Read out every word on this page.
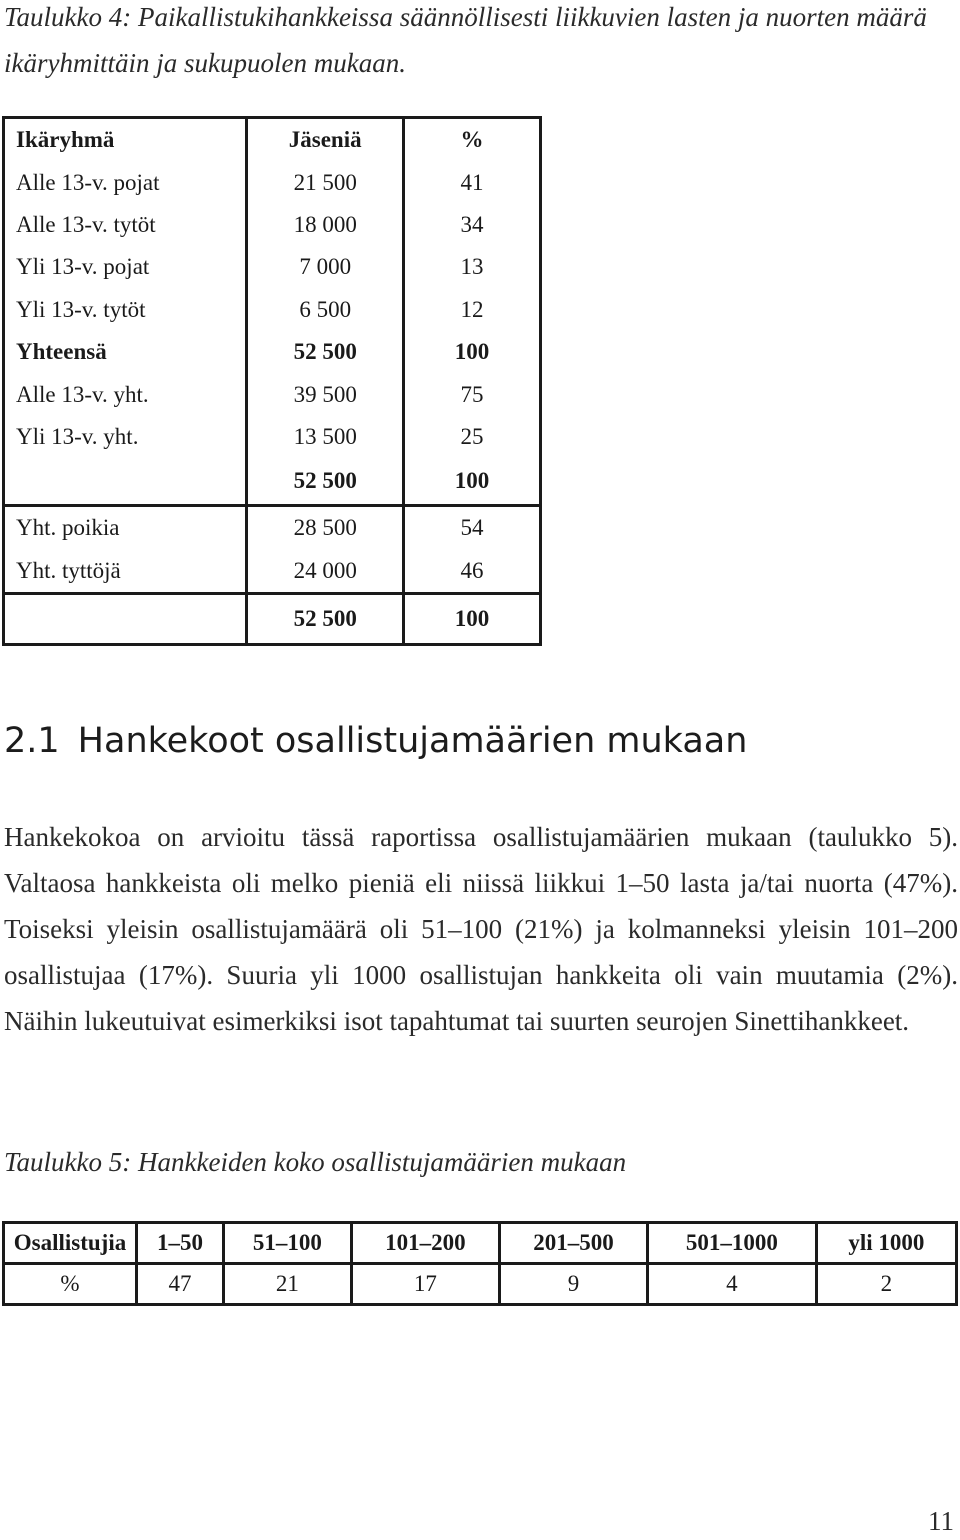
Taulukko 4: Paikallistukihankkeissa säännöllisesti liikkuvien lasten ja nuorten määrä ikäryhmittäin ja sukupuolen mukaan.

Ikäryhmä	Jäseniä	%
Alle 13-v. pojat	21 500	41
Alle 13-v. tytöt	18 000	34
Yli 13-v. pojat	7 000	13
Yli 13-v. tytöt	6 500	12
Yhteensä	52 500	100
Alle 13-v. yht.	39 500	75
Yli 13-v. yht.	13 500	25
	52 500	100
Yht. poikia	28 500	54
Yht. tyttöjä	24 000	46
	52 500	100
2.1 Hankekoot osallistujamäärien mukaan

Hankekokoa on arvioitu tässä raportissa osallistujamäärien mukaan (taulukko 5). Valtaosa hankkeista oli melko pieniä eli niissä liikkui 1–50 lasta ja/tai nuorta (47%). Toiseksi yleisin osallistujamäärä oli 51–100 (21%) ja kolmanneksi yleisin 101–200 osallistujaa (17%). Suuria yli 1000 osallistujan hankkeita oli vain muutamia (2%). Näihin lukeutuivat esimerkiksi isot tapahtumat tai suurten seurojen Sinettihankkeet.

Taulukko 5: Hankkeiden koko osallistujamäärien mukaan

Osallistujia	1–50	51–100	101–200	201–500	501–1000	yli 1000
%	47	21	17	9	4	2
11
